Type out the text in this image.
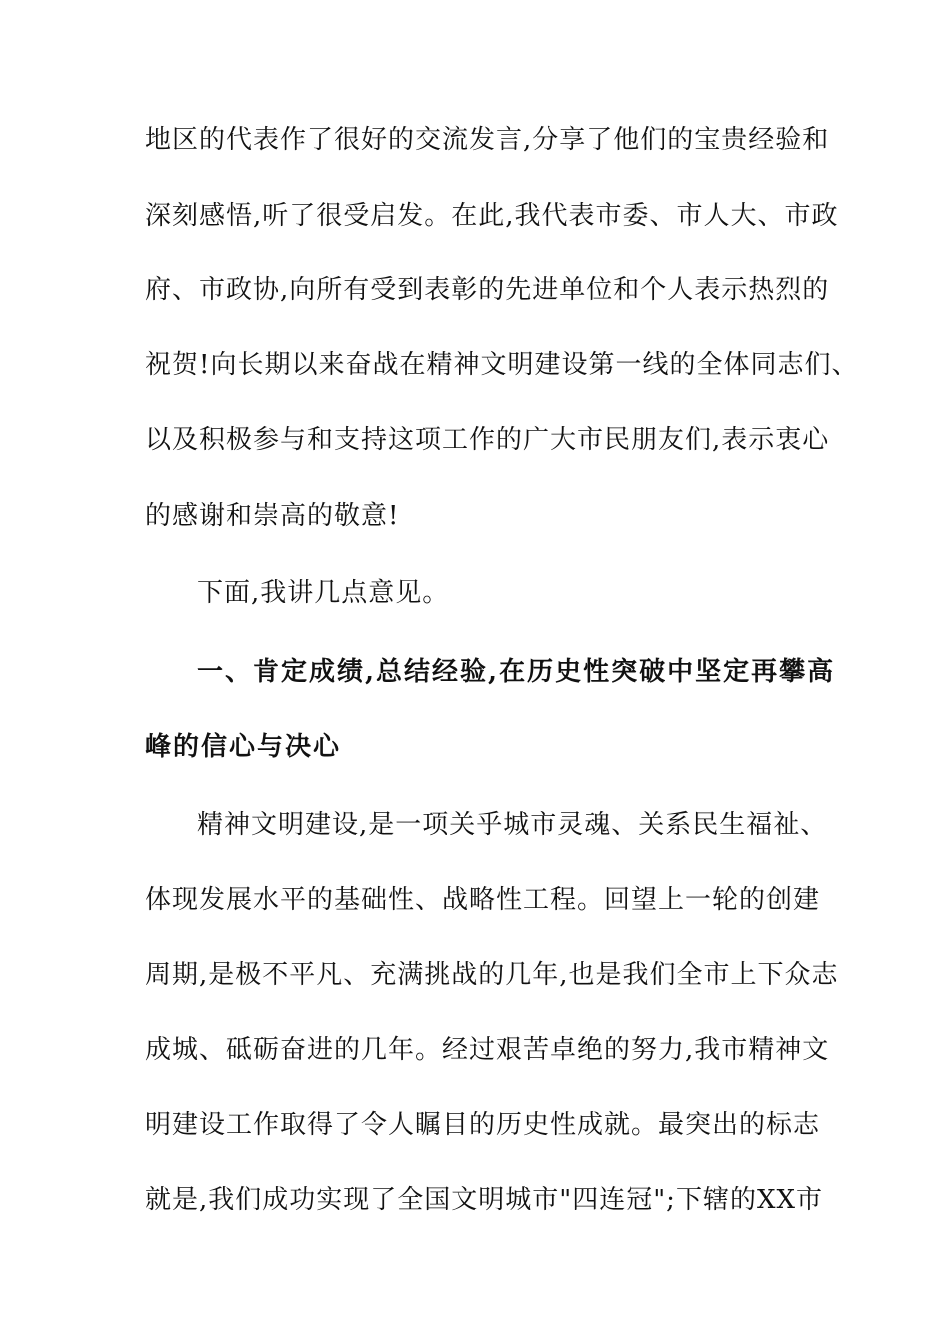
地区的代表作了很好的交流发言,分享了他们的宝贵经验和
深刻感悟,听了很受启发。在此,我代表市委、市人大、市政
府、市政协,向所有受到表彰的先进单位和个人表示热烈的
祝贺!向长期以来奋战在精神文明建设第一线的全体同志们、
以及积极参与和支持这项工作的广大市民朋友们,表示衷心
的感谢和崇高的敬意!
下面,我讲几点意见。
一、肯定成绩,总结经验,在历史性突破中坚定再攀高
峰的信心与决心
精神文明建设,是一项关乎城市灵魂、关系民生福祉、
体现发展水平的基础性、战略性工程。回望上一轮的创建
周期,是极不平凡、充满挑战的几年,也是我们全市上下众志
成城、砥砺奋进的几年。经过艰苦卓绝的努力,我市精神文
明建设工作取得了令人瞩目的历史性成就。最突出的标志
就是,我们成功实现了全国文明城市"四连冠";下辖的XX市
